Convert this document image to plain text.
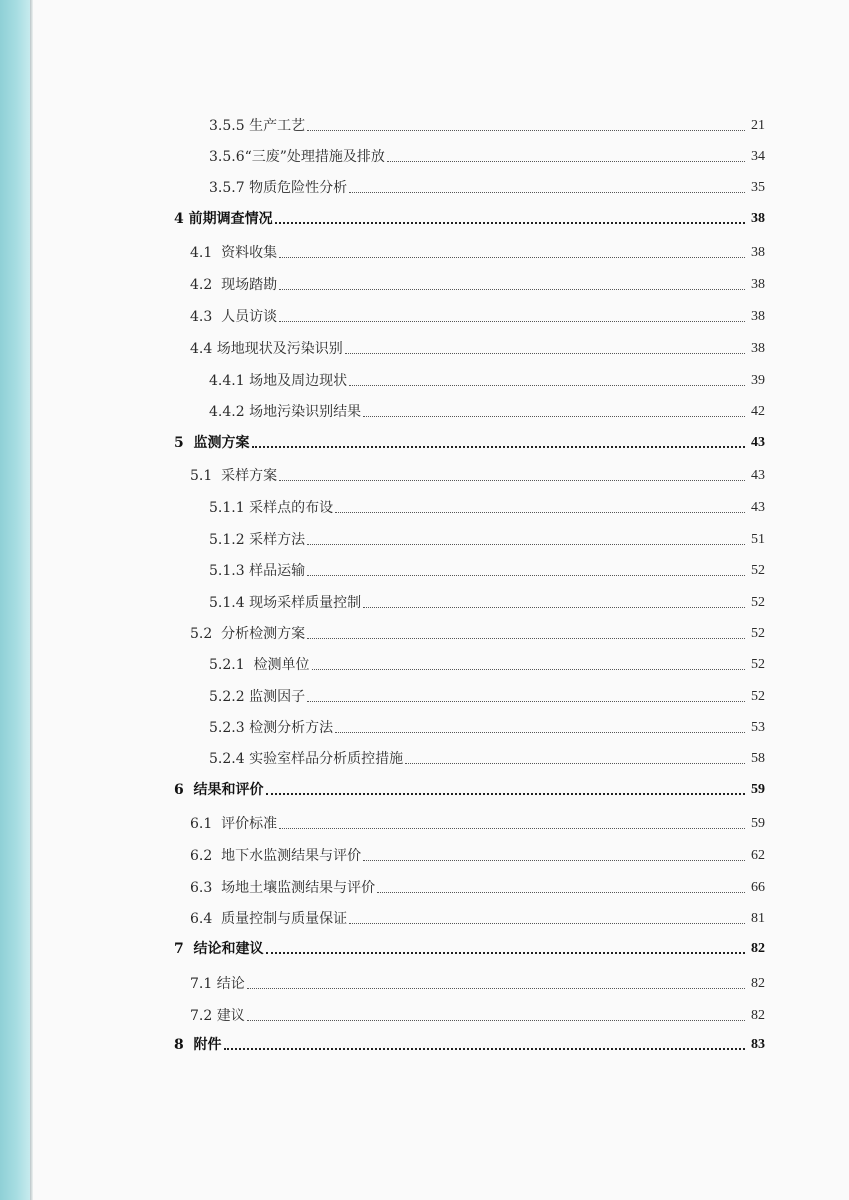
3.5.5 生产工艺	21
3.5.6“三废”处理措施及排放	34
3.5.7 物质危险性分析	35
4 前期调查情况	38
4.1  资料收集	38
4.2  现场踏勘	38
4.3  人员访谈	38
4.4 场地现状及污染识别	38
4.4.1 场地及周边现状	39
4.4.2 场地污染识别结果	42
5  监测方案	43
5.1  采样方案	43
5.1.1 采样点的布设	43
5.1.2 采样方法	51
5.1.3 样品运输	52
5.1.4 现场采样质量控制	52
5.2  分析检测方案	52
5.2.1  检测单位	52
5.2.2 监测因子	52
5.2.3 检测分析方法	53
5.2.4 实验室样品分析质控措施	58
6  结果和评价	59
6.1  评价标准	59
6.2  地下水监测结果与评价	62
6.3  场地土壤监测结果与评价	66
6.4  质量控制与质量保证	81
7  结论和建议	82
7.1 结论	82
7.2 建议	82
8  附件	83
